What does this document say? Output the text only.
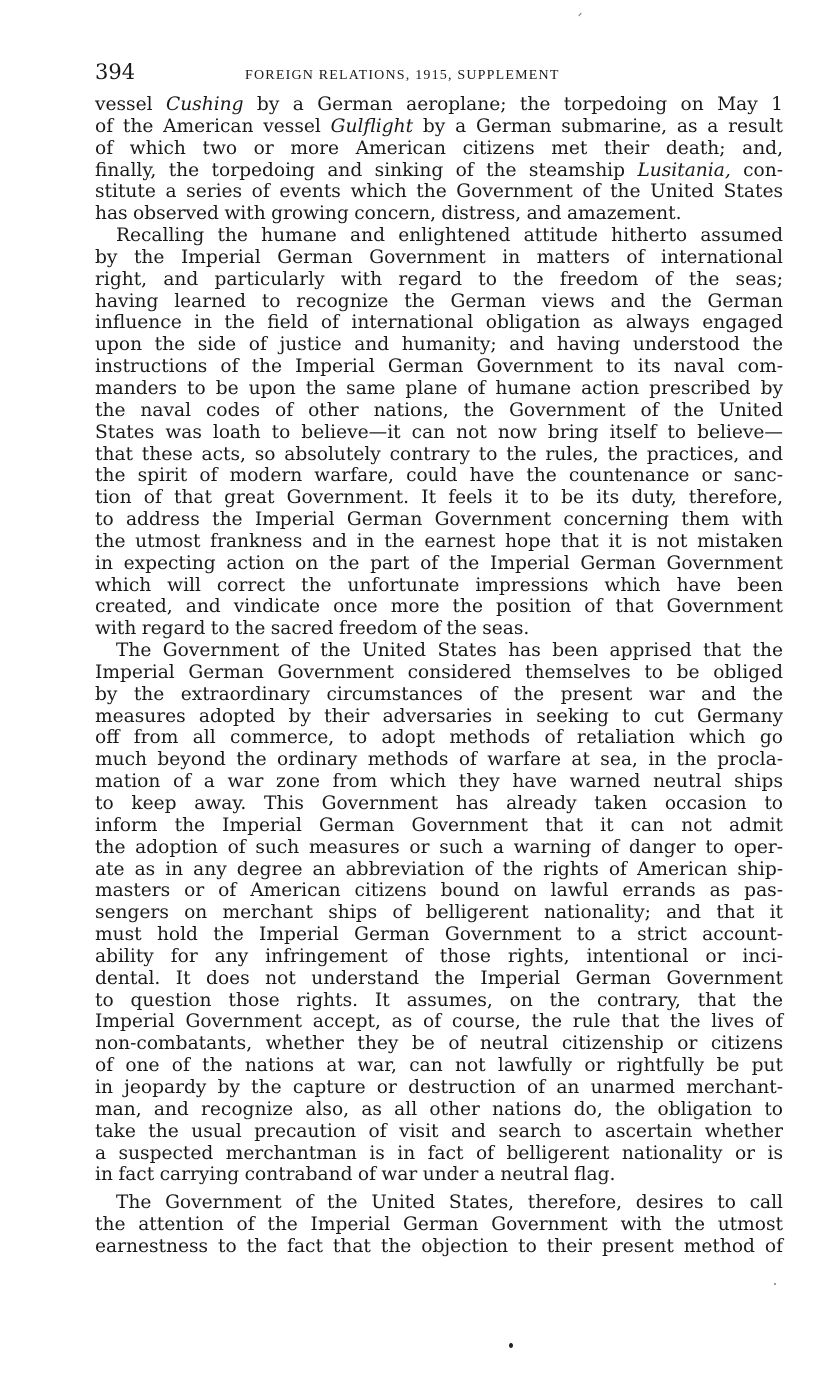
394	FOREIGN RELATIONS, 1915, SUPPLEMENT

vessel Cushing by a German aeroplane; the torpedoing on May 1
of the American vessel Gulflight by a German submarine, as a result
of which two or more American citizens met their death; and,
finally, the torpedoing and sinking of the steamship Lusitania, con-
stitute a series of events which the Government of the United States
has observed with growing concern, distress, and amazement.

Recalling the humane and enlightened attitude hitherto assumed
by the Imperial German Government in matters of international
right, and particularly with regard to the freedom of the seas;
having learned to recognize the German views and the German
influence in the field of international obligation as always engaged
upon the side of justice and humanity; and having understood the
instructions of the Imperial German Government to its naval com-
manders to be upon the same plane of humane action prescribed by
the naval codes of other nations, the Government of the United
States was loath to believe—it can not now bring itself to believe—
that these acts, so absolutely contrary to the rules, the practices, and
the spirit of modern warfare, could have the countenance or sanc-
tion of that great Government. It feels it to be its duty, therefore,
to address the Imperial German Government concerning them with
the utmost frankness and in the earnest hope that it is not mistaken
in expecting action on the part of the Imperial German Government
which will correct the unfortunate impressions which have been
created, and vindicate once more the position of that Government
with regard to the sacred freedom of the seas.

The Government of the United States has been apprised that the
Imperial German Government considered themselves to be obliged
by the extraordinary circumstances of the present war and the
measures adopted by their adversaries in seeking to cut Germany
off from all commerce, to adopt methods of retaliation which go
much beyond the ordinary methods of warfare at sea, in the procla-
mation of a war zone from which they have warned neutral ships
to keep away. This Government has already taken occasion to
inform the Imperial German Government that it can not admit
the adoption of such measures or such a warning of danger to oper-
ate as in any degree an abbreviation of the rights of American ship-
masters or of American citizens bound on lawful errands as pas-
sengers on merchant ships of belligerent nationality; and that it
must hold the Imperial German Government to a strict account-
ability for any infringement of those rights, intentional or inci-
dental. It does not understand the Imperial German Government
to question those rights. It assumes, on the contrary, that the
Imperial Government accept, as of course, the rule that the lives of
non-combatants, whether they be of neutral citizenship or citizens
of one of the nations at war, can not lawfully or rightfully be put
in jeopardy by the capture or destruction of an unarmed merchant-
man, and recognize also, as all other nations do, the obligation to
take the usual precaution of visit and search to ascertain whether
a suspected merchantman is in fact of belligerent nationality or is
in fact carrying contraband of war under a neutral flag.

The Government of the United States, therefore, desires to call
the attention of the Imperial German Government with the utmost
earnestness to the fact that the objection to their present method of
